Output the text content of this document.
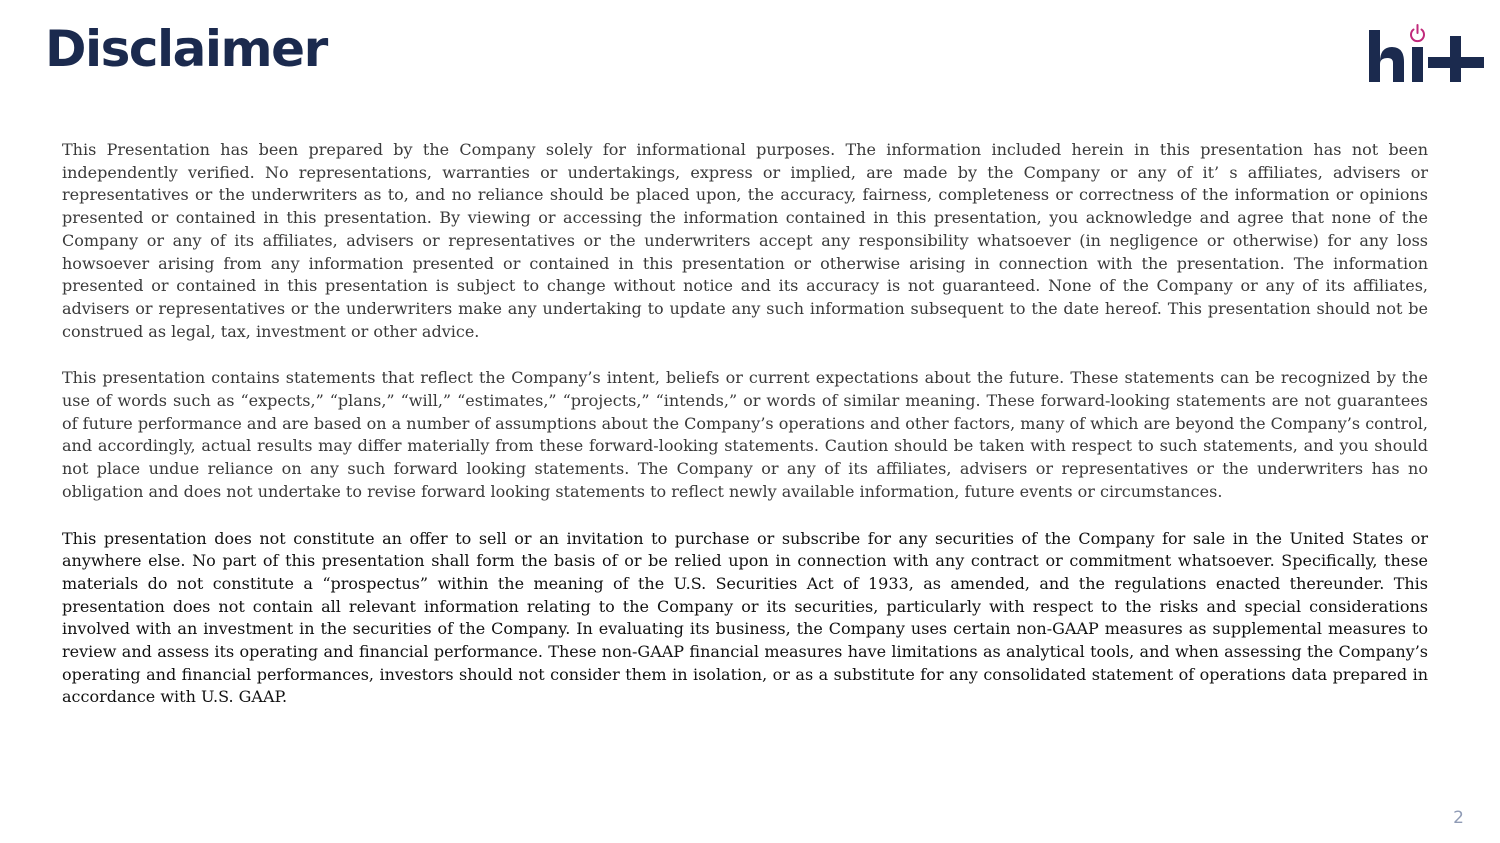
Disclaimer

This Presentation has been prepared by the Company solely for informational purposes. The information included herein in this presentation has not been independently verified. No representations, warranties or undertakings, express or implied, are made by the Company or any of it’ s affiliates, advisers or representatives or the underwriters as to, and no reliance should be placed upon, the accuracy, fairness, completeness or correctness of the information or opinions presented or contained in this presentation. By viewing or accessing the information contained in this presentation, you acknowledge and agree that none of the Company or any of its affiliates, advisers or representatives or the underwriters accept any responsibility whatsoever (in negligence or otherwise) for any loss howsoever arising from any information presented or contained in this presentation or otherwise arising in connection with the presentation. The information presented or contained in this presentation is subject to change without notice and its accuracy is not guaranteed. None of the Company or any of its affiliates, advisers or representatives or the underwriters make any undertaking to update any such information subsequent to the date hereof. This presentation should not be construed as legal, tax, investment or other advice.

This presentation contains statements that reflect the Company’s intent, beliefs or current expectations about the future. These statements can be recognized by the use of words such as “expects,” “plans,” “will,” “estimates,” “projects,” “intends,” or words of similar meaning. These forward-looking statements are not guarantees of future performance and are based on a number of assumptions about the Company’s operations and other factors, many of which are beyond the Company’s control, and accordingly, actual results may differ materially from these forward-looking statements. Caution should be taken with respect to such statements, and you should not place undue reliance on any such forward looking statements. The Company or any of its affiliates, advisers or representatives or the underwriters has no obligation and does not undertake to revise forward looking statements to reflect newly available information, future events or circumstances.

This presentation does not constitute an offer to sell or an invitation to purchase or subscribe for any securities of the Company for sale in the United States or anywhere else. No part of this presentation shall form the basis of or be relied upon in connection with any contract or commitment whatsoever. Specifically, these materials do not constitute a “prospectus” within the meaning of the U.S. Securities Act of 1933, as amended, and the regulations enacted thereunder. This presentation does not contain all relevant information relating to the Company or its securities, particularly with respect to the risks and special considerations involved with an investment in the securities of the Company. In evaluating its business, the Company uses certain non-GAAP measures as supplemental measures to review and assess its operating and financial performance. These non-GAAP financial measures have limitations as analytical tools, and when assessing the Company’s operating and financial performances, investors should not consider them in isolation, or as a substitute for any consolidated statement of operations data prepared in accordance with U.S. GAAP.

2
